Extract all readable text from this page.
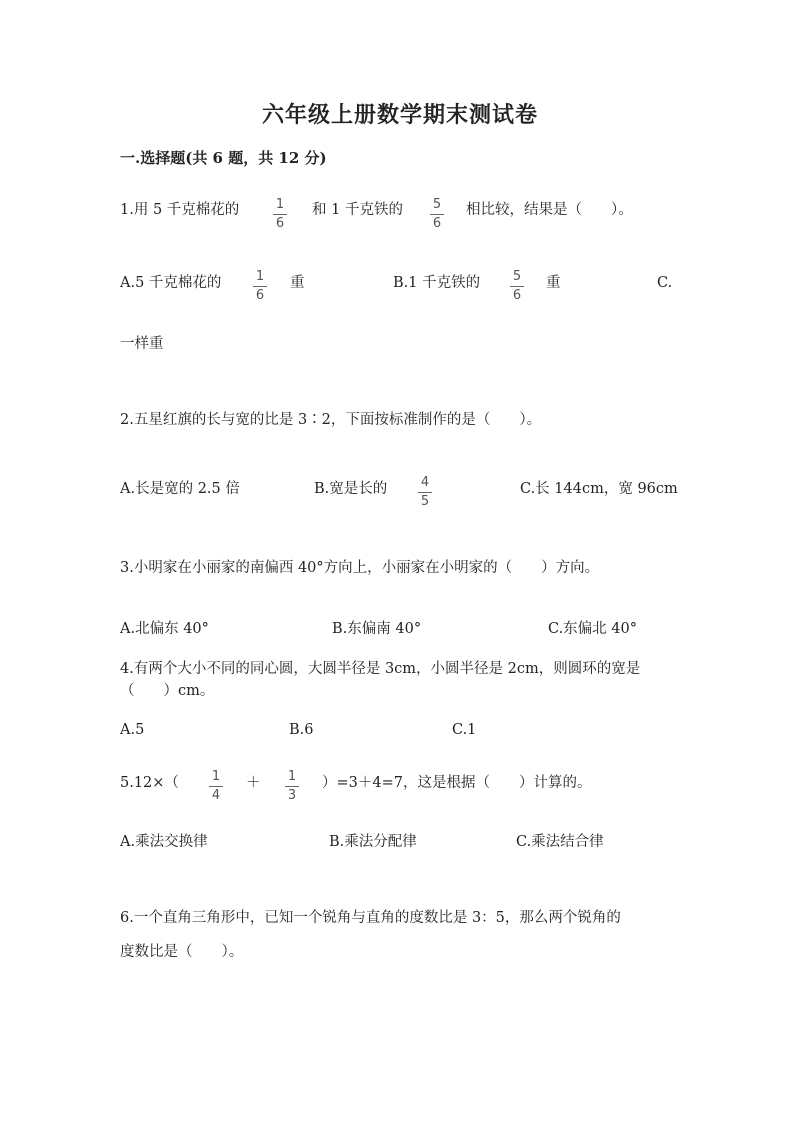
六年级上册数学期末测试卷
一.选择题(共 6 题，共 12 分)
1.用 5 千克棉花的	1
6
和 1 千克铁的	5
6
相比较，结果是（　　）。
A.5 千克棉花的	1
6
重	B.1 千克铁的	5
6
重	C.
一样重
2.五星红旗的长与宽的比是 3∶2，下面按标准制作的是（　　）。
A.长是宽的 2.5 倍	B.宽是长的	4
5
C.长 144cm，宽 96cm
3.小明家在小丽家的南偏西 40°方向上，小丽家在小明家的（　　）方向。
A.北偏东 40°	B.东偏南 40°	C.东偏北 40°
4.有两个大小不同的同心圆，大圆半径是 3cm，小圆半径是 2cm，则圆环的宽是
（　　）cm。
A.5	B.6	C.1
5.12×（	1
4
＋	1
3
）=3＋4=7，这是根据（　　）计算的。
A.乘法交换律	B.乘法分配律	C.乘法结合律
6.一个直角三角形中，已知一个锐角与直角的度数比是 3：5，那么两个锐角的
度数比是（　　）。
